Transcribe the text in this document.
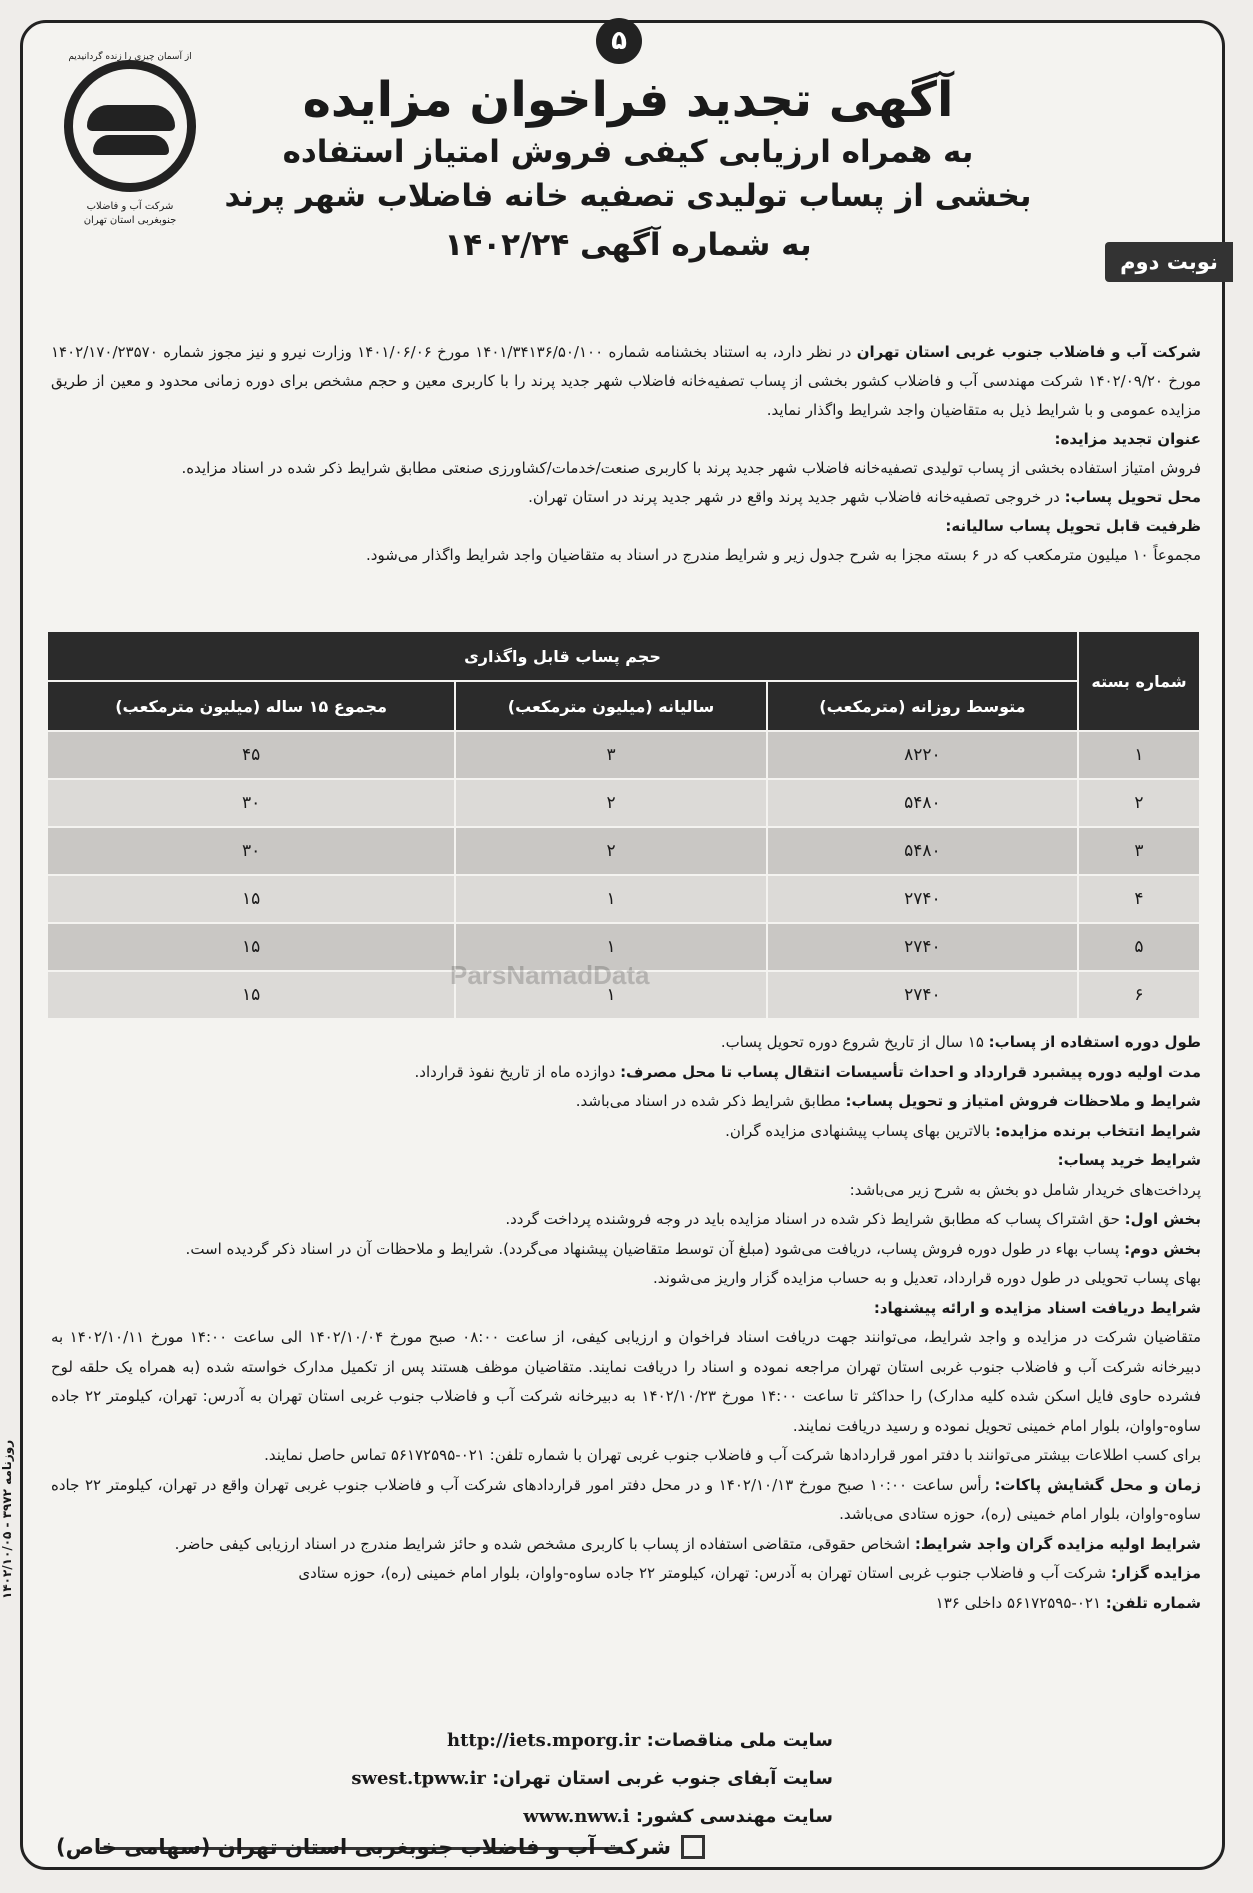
۵
از آسمان چیزی را زنده گردانیدیم
شرکت آب و فاضلاب
جنوبغربی استان تهران

آگهی تجدید فراخوان مزایده

به همراه ارزیابی کیفی فروش امتیاز استفاده

بخشی از پساب تولیدی تصفیه خانه فاضلاب شهر پرند

به شماره آگهی ۱۴۰۲/۲۴	نوبت دوم

شرکت آب و فاضلاب جنوب غربی استان تهران در نظر دارد، به استناد بخشنامه شماره ۱۴۰۱/۳۴۱۳۶/۵۰/۱۰۰ مورخ ۱۴۰۱/۰۶/۰۶ وزارت نیرو و نیز مجوز شماره ۱۴۰۲/۱۷۰/۲۳۵۷۰ مورخ ۱۴۰۲/۰۹/۲۰ شرکت مهندسی آب و فاضلاب کشور بخشی از پساب تصفیه‌خانه فاضلاب شهر جدید پرند را با کاربری معین و حجم مشخص برای دوره زمانی محدود و معین از طریق مزایده عمومی و با شرایط ذیل به متقاضیان واجد شرایط واگذار نماید.

عنوان تجدید مزایده:

فروش امتیاز استفاده بخشی از پساب تولیدی تصفیه‌خانه فاضلاب شهر جدید پرند با کاربری صنعت/خدمات/کشاورزی صنعتی مطابق شرایط ذکر شده در اسناد مزایده.

محل تحویل پساب: در خروجی تصفیه‌خانه فاضلاب شهر جدید پرند واقع در شهر جدید پرند در استان تهران.

ظرفیت قابل تحویل پساب سالیانه:

مجموعاً ۱۰ میلیون مترمکعب که در ۶ بسته مجزا به شرح جدول زیر و شرایط مندرج در اسناد به متقاضیان واجد شرایط واگذار می‌شود.

شماره بسته	حجم پساب قابل واگذاری		
	متوسط روزانه (مترمکعب)	سالیانه (میلیون مترمکعب)	مجموع ۱۵ ساله (میلیون مترمکعب)
۱	۸۲۲۰	۳	۴۵
۲	۵۴۸۰	۲	۳۰
۳	۵۴۸۰	۲	۳۰
۴	۲۷۴۰	۱	۱۵
۵	۲۷۴۰	۱	۱۵
۶	۲۷۴۰	۱	۱۵
ParsNamadData

طول دوره استفاده از پساب: ۱۵ سال از تاریخ شروع دوره تحویل پساب.

مدت اولیه دوره پیشبرد قرارداد و احداث تأسیسات انتقال پساب تا محل مصرف: دوازده ماه از تاریخ نفوذ قرارداد.

شرایط و ملاحظات فروش امتیاز و تحویل پساب: مطابق شرایط ذکر شده در اسناد می‌باشد.

شرایط انتخاب برنده مزایده: بالاترین بهای پساب پیشنهادی مزایده گران.

شرایط خرید پساب:

پرداخت‌های خریدار شامل دو بخش به شرح زیر می‌باشد:

بخش اول: حق اشتراک پساب که مطابق شرایط ذکر شده در اسناد مزایده باید در وجه فروشنده پرداخت گردد.

بخش دوم: پساب بهاء در طول دوره فروش پساب، دریافت می‌شود (مبلغ آن توسط متقاضیان پیشنهاد می‌گردد). شرایط و ملاحظات آن در اسناد ذکر گردیده است.

بهای پساب تحویلی در طول دوره قرارداد، تعدیل و به حساب مزایده گزار واریز می‌شوند.

شرایط دریافت اسناد مزایده و ارائه پیشنهاد:

متقاضیان شرکت در مزایده و واجد شرایط، می‌توانند جهت دریافت اسناد فراخوان و ارزیابی کیفی، از ساعت ۰۸:۰۰ صبح مورخ ۱۴۰۲/۱۰/۰۴ الی ساعت ۱۴:۰۰ مورخ ۱۴۰۲/۱۰/۱۱ به دبیرخانه شرکت آب و فاضلاب جنوب غربی استان تهران مراجعه نموده و اسناد را دریافت نمایند. متقاضیان موظف هستند پس از تکمیل مدارک خواسته شده (به همراه یک حلقه لوح فشرده حاوی فایل اسکن شده کلیه مدارک) را حداکثر تا ساعت ۱۴:۰۰ مورخ ۱۴۰۲/۱۰/۲۳ به دبیرخانه شرکت آب و فاضلاب جنوب غربی استان تهران به آدرس: تهران، کیلومتر ۲۲ جاده ساوه-واوان، بلوار امام خمینی تحویل نموده و رسید دریافت نمایند.

برای کسب اطلاعات بیشتر می‌توانند با دفتر امور قراردادها شرکت آب و فاضلاب جنوب غربی تهران با شماره تلفن: ۰۲۱-۵۶۱۷۲۵۹۵ تماس حاصل نمایند.

زمان و محل گشایش پاکات: رأس ساعت ۱۰:۰۰ صبح مورخ ۱۴۰۲/۱۰/۱۳ و در محل دفتر امور قراردادهای شرکت آب و فاضلاب جنوب غربی تهران واقع در تهران، کیلومتر ۲۲ جاده ساوه-واوان، بلوار امام خمینی (ره)، حوزه ستادی می‌باشد.

شرایط اولیه مزایده گران واجد شرایط: اشخاص حقوقی، متقاضی استفاده از پساب با کاربری مشخص شده و حائز شرایط مندرج در اسناد ارزیابی کیفی حاضر.

مزایده گزار: شرکت آب و فاضلاب جنوب غربی استان تهران به آدرس: تهران، کیلومتر ۲۲ جاده ساوه-واوان، بلوار امام خمینی (ره)، حوزه ستادی

شماره تلفن: ۰۲۱-۵۶۱۷۲۵۹۵ داخلی ۱۳۶

سایت ملی مناقصات: http://iets.mporg.ir
سایت آبفای جنوب غربی استان تهران: swest.tpww.ir
سایت مهندسی کشور: www.nww.i
شرکت آب و فاضلاب جنوبغربی استان تهران (سهامی خاص)
روزنامه ۳۹۷۲ - ۱۴۰۲/۱۰/۰۵
